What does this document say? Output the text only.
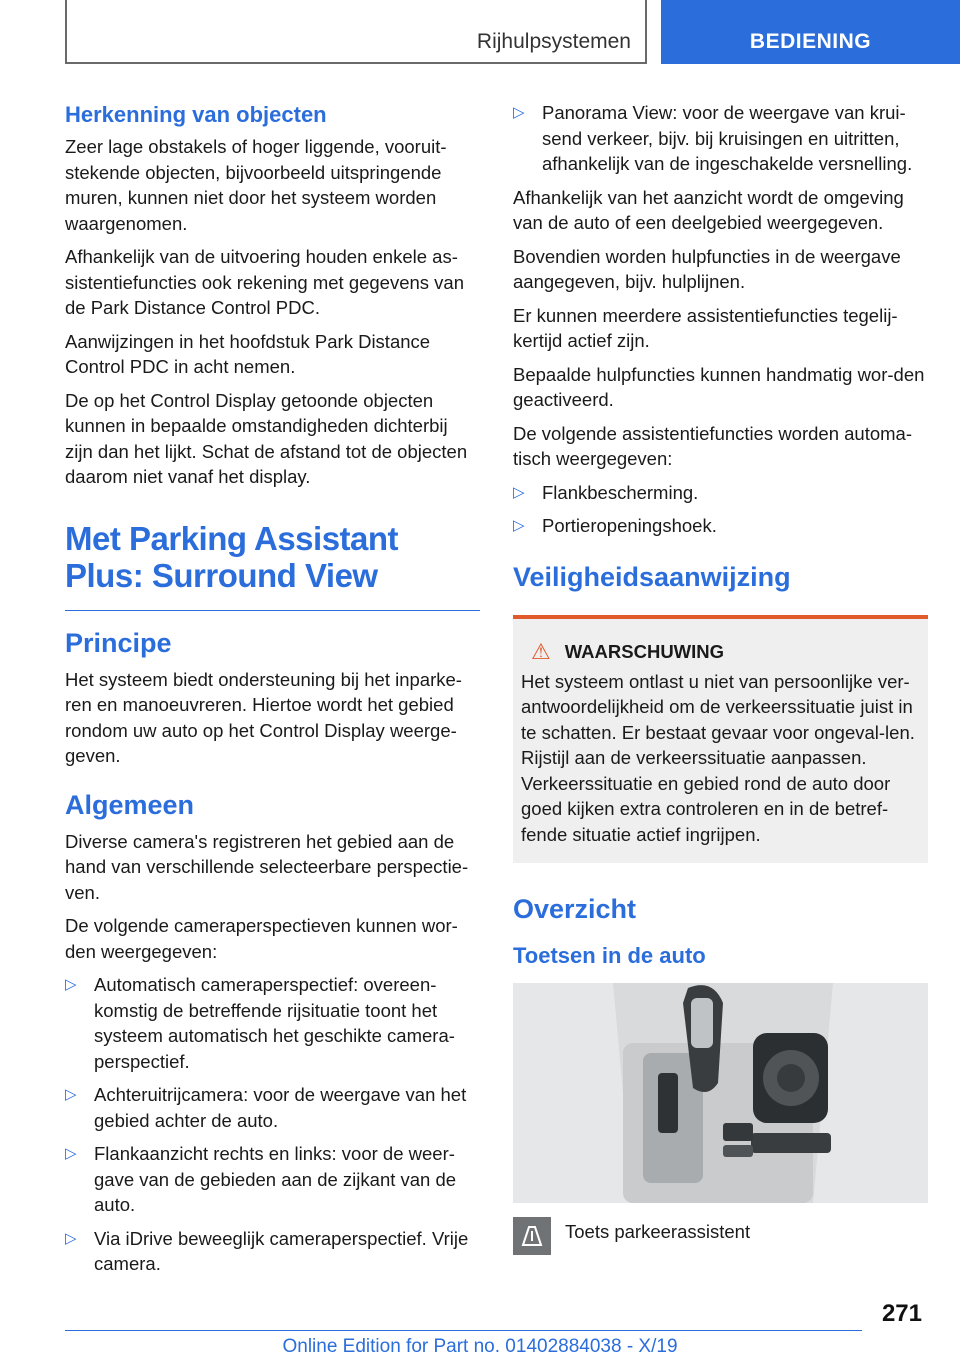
Rijhulpsystemen	BEDIENING
Herkenning van objecten

Zeer lage obstakels of hoger liggende, vooruit-stekende objecten, bijvoorbeeld uitspringende muren, kunnen niet door het systeem worden waargenomen.

Afhankelijk van de uitvoering houden enkele as-sistentiefuncties ook rekening met gegevens van de Park Distance Control PDC.

Aanwijzingen in het hoofdstuk Park Distance Control PDC in acht nemen.

De op het Control Display getoonde objecten kunnen in bepaalde omstandigheden dichterbij zijn dan het lijkt. Schat de afstand tot de objecten daarom niet vanaf het display.

Met Parking Assistant Plus: Surround View
Principe

Het systeem biedt ondersteuning bij het inparke-ren en manoeuvreren. Hiertoe wordt het gebied rondom uw auto op het Control Display weerge-geven.

Algemeen

Diverse camera's registreren het gebied aan de hand van verschillende selecteerbare perspectie-ven.

De volgende cameraperspectieven kunnen wor-den weergegeven:

▷ Automatisch cameraperspectief: overeen-komstig de betreffende rijsituatie toont het systeem automatisch het geschikte camera-perspectief.
▷ Achteruitrijcamera: voor de weergave van het gebied achter de auto.
▷ Flankaanzicht rechts en links: voor de weer-gave van de gebieden aan de zijkant van de auto.
▷ Via iDrive beweeglijk cameraperspectief. Vrije camera.
▷ Panorama View: voor de weergave van krui-send verkeer, bijv. bij kruisingen en uitritten, afhankelijk van de ingeschakelde versnelling.

Afhankelijk van het aanzicht wordt de omgeving van de auto of een deelgebied weergegeven.

Bovendien worden hulpfuncties in de weergave aangegeven, bijv. hulplijnen.

Er kunnen meerdere assistentiefuncties tegelij-kertijd actief zijn.

Bepaalde hulpfuncties kunnen handmatig wor-den geactiveerd.

De volgende assistentiefuncties worden automa-tisch weergegeven:

▷ Flankbescherming.
▷ Portieropeningshoek.
Veiligheidsaanwijzing
⚠ WAARSCHUWING

Het systeem ontlast u niet van persoonlijke ver-antwoordelijkheid om de verkeerssituatie juist in te schatten. Er bestaat gevaar voor ongeval-len. Rijstijl aan de verkeerssituatie aanpassen. Verkeerssituatie en gebied rond de auto door goed kijken extra controleren en in de betref-fende situatie actief ingrijpen.

Overzicht
Toetsen in de auto

Toets parkeerassistent

271
Online Edition for Part no. 01402884038 - X/19
